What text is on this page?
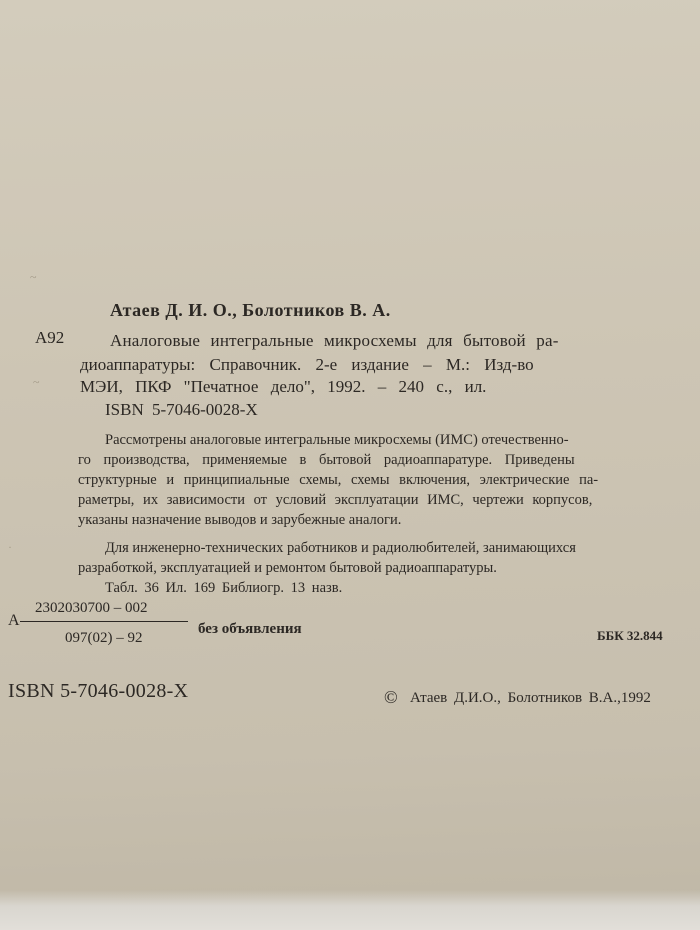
Атаев Д. И. О., Болотников В. А.
А92	Аналоговые интегральные микросхемы для бытовой ра-
диоаппаратуры: Справочник. 2-е издание – М.: Изд-во
МЭИ, ПКФ "Печатное дело", 1992. – 240 с., ил.
ISBN 5-7046-0028-X
Рассмотрены аналоговые интегральные микросхемы (ИМС) отечественно-
го производства, применяемые в бытовой радиоаппаратуре. Приведены
структурные и принципиальные схемы, схемы включения, электрические па-
раметры, их зависимости от условий эксплуатации ИМС, чертежи корпусов,
указаны назначение выводов и зарубежные аналоги.
Для инженерно-технических работников и радиолюбителей, занимающихся
разработкой, эксплуатацией и ремонтом бытовой радиоаппаратуры.
Табл. 36 Ил. 169 Библиогр. 13 назв.
А
2302030700 – 002
097(02) – 92
без объявления	ББК 32.844
ISBN 5-7046-0028-X	© Атаев Д.И.О., Болотников В.А.,1992
~
~
·
